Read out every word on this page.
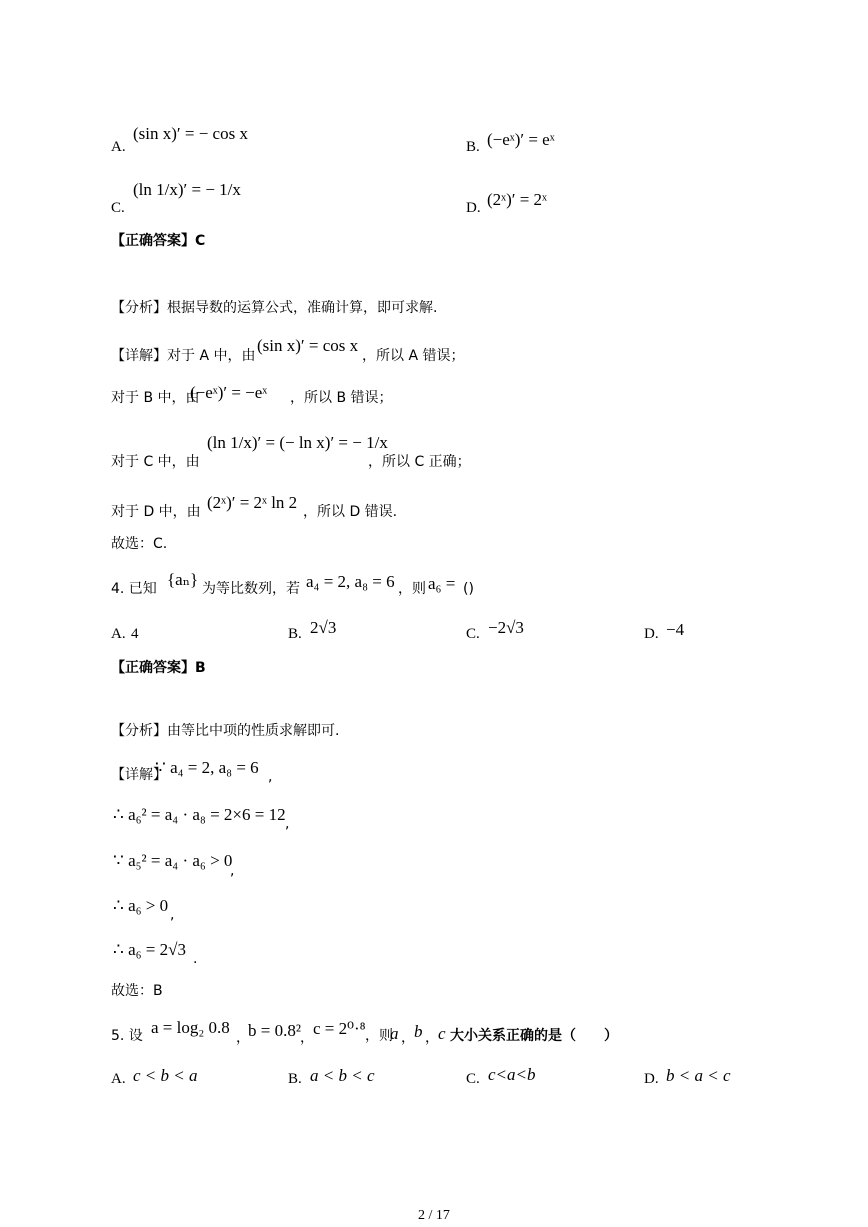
A.
(sin x)′ = − cos x
B. (−eˣ)′ = eˣ
C.
(ln 1/x)′ = − 1/x
D. (2ˣ)′ = 2ˣ
【正确答案】C
【分析】根据导数的运算公式，准确计算，即可求解.
【详解】对于 A 中，由
(sin x)′ = cos x
，所以 A 错误；
对于 B 中，由
(−eˣ)′ = −eˣ ，所以 B 错误；
对于 C 中，由
(ln 1/x)′ = (− ln x)′ = − 1/x
，所以 C 正确；
对于 D 中，由 (2ˣ)′ = 2ˣ ln 2 ，所以 D 错误.
故选：C.
4. 已知 {aₙ} 为等比数列，若 a₄ = 2, a₈ = 6 ，则 a₆ = ()
A. 4	B. 2√3	C. −2√3	D. −4
【正确答案】B
【分析】由等比中项的性质求解即可.
【详解】
∵ a₄ = 2, a₈ = 6 ,
∴ a₆² = a₄ · a₈ = 2×6 = 12 ,
∵ a₅² = a₄ · a₆ > 0
,
∴ a₆ > 0 ,
∴ a₆ = 2√3 .
故选：B
5. 设 a = log₂ 0.8
，
b = 0.8² ， c = 2⁰·⁸ ，则
a ， b ， c 大小关系正确的是（　　）
A. c < b < a	B. a < b < c	C. c<a<b	D. b < a < c
2 / 17
